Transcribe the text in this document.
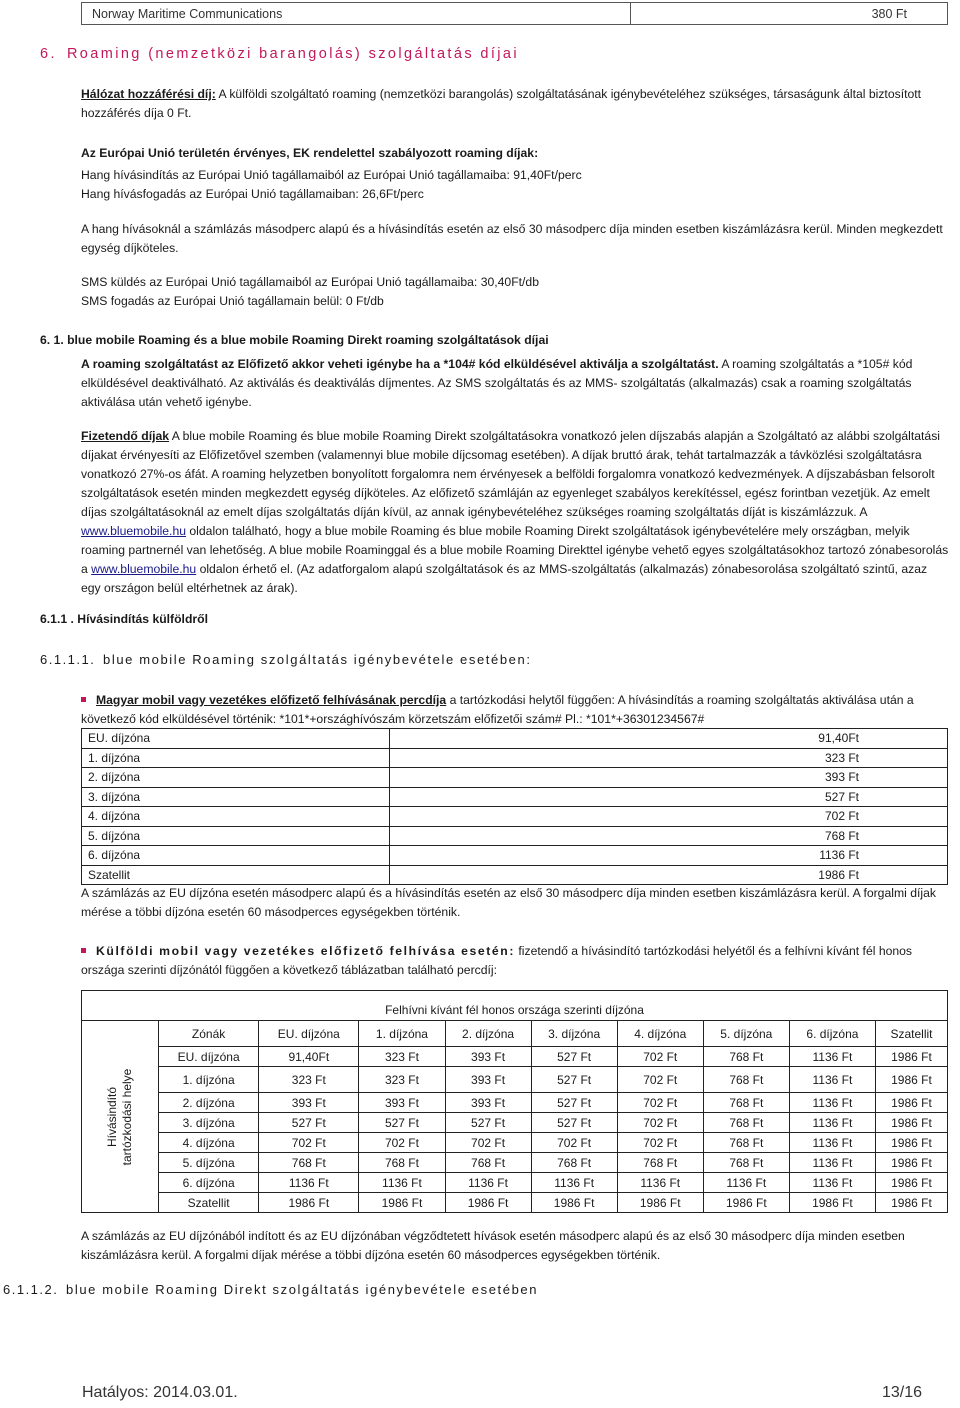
Norway Maritime Communications	380 Ft
6. Roaming (nemzetközi barangolás) szolgáltatás díjai
Hálózat hozzáférési díj: A külföldi szolgáltató roaming (nemzetközi barangolás) szolgáltatásának igénybevételéhez szükséges, társaságunk által biztosított hozzáférés díja 0 Ft.
Az Európai Unió területén érvényes, EK rendelettel szabályozott roaming díjak:
Hang hívásindítás az Európai Unió tagállamaiból az Európai Unió tagállamaiba: 91,40Ft/perc
Hang hívásfogadás az Európai Unió tagállamaiban: 26,6Ft/perc
A hang hívásoknál a számlázás másodperc alapú és a hívásindítás esetén az első 30 másodperc díja minden esetben kiszámlázásra kerül. Minden megkezdett egység díjköteles.
SMS küldés az Európai Unió tagállamaiból az Európai Unió tagállamaiba: 30,40Ft/db
SMS fogadás az Európai Unió tagállamain belül: 0 Ft/db
6. 1. blue mobile Roaming és a blue mobile Roaming Direkt roaming szolgáltatások díjai
A roaming szolgáltatást az Előfizető akkor veheti igénybe ha a *104# kód elküldésével aktiválja a szolgáltatást. A roaming szolgáltatás a *105# kód elküldésével deaktiválható. Az aktiválás és deaktiválás díjmentes. Az SMS szolgáltatás és az MMS- szolgáltatás (alkalmazás) csak a roaming szolgáltatás aktiválása után vehető igénybe.
Fizetendő díjak A blue mobile Roaming és blue mobile Roaming Direkt szolgáltatásokra vonatkozó jelen díjszabás alapján a Szolgáltató az alábbi szolgáltatási díjakat érvényesíti az Előfizetővel szemben (valamennyi blue mobile díjcsomag esetében). A díjak bruttó árak, tehát tartalmazzák a távközlési szolgáltatásra vonatkozó 27%-os áfát. A roaming helyzetben bonyolított forgalomra nem érvényesek a belföldi forgalomra vonatkozó kedvezmények. A díjszabásban felsorolt szolgáltatások esetén minden megkezdett egység díjköteles. Az előfizető számláján az egyenleget szabályos kerekítéssel, egész forintban vezetjük. Az emelt díjas szolgáltatásoknál az emelt díjas szolgáltatás díján kívül, az annak igénybevételéhez szükséges roaming szolgáltatás díját is kiszámlázzuk. A www.bluemobile.hu oldalon található, hogy a blue mobile Roaming és blue mobile Roaming Direkt szolgáltatások igénybevételére mely országban, melyik roaming partnernél van lehetőség. A blue mobile Roaminggal és a blue mobile Roaming Direkttel igénybe vehető egyes szolgáltatásokhoz tartozó zónabesorolás a www.bluemobile.hu oldalon érhető el. (Az adatforgalom alapú szolgáltatások és az MMS-szolgáltatás (alkalmazás) zónabesorolása szolgáltató szintű, azaz egy országon belül eltérhetnek az árak).
6.1.1 . Hívásindítás külföldről
6.1.1.1. blue mobile Roaming szolgáltatás igénybevétele esetében:
Magyar mobil vagy vezetékes előfizető felhívásának percdíja a tartózkodási helytől függően: A hívásindítás a roaming szolgáltatás aktiválása után a következő kód elküldésével történik: *101*+országhívószám körzetszám előfizetői szám# Pl.: *101*+36301234567#
EU. díjzóna	91,40Ft
1. díjzóna	323 Ft
2. díjzóna	393 Ft
3. díjzóna	527 Ft
4. díjzóna	702 Ft
5. díjzóna	768 Ft
6. díjzóna	1136 Ft
Szatellit	1986 Ft
A számlázás az EU díjzóna esetén másodperc alapú és a hívásindítás esetén az első 30 másodperc díja minden esetben kiszámlázásra kerül. A forgalmi díjak mérése a többi díjzóna esetén 60 másodperces egységekben történik.
Külföldi mobil vagy vezetékes előfizető felhívása esetén: fizetendő a hívásindító tartózkodási helyétől és a felhívni kívánt fél honos országa szerinti díjzónától függően a következő táblázatban található percdíj:
Felhívni kívánt fél honos országa szerinti díjzóna									

Hívásindító tartózkodási helye	Zónák	EU. díjzóna	1. díjzóna	2. díjzóna	3. díjzóna	4. díjzóna	5. díjzóna	6. díjzóna	Szatellit
	EU. díjzóna	91,40Ft	323 Ft	393 Ft	527 Ft	702 Ft	768 Ft	1136 Ft	1986 Ft
	1. díjzóna	323 Ft	323 Ft	393 Ft	527 Ft	702 Ft	768 Ft	1136 Ft	1986 Ft
	2. díjzóna	393 Ft	393 Ft	393 Ft	527 Ft	702 Ft	768 Ft	1136 Ft	1986 Ft
	3. díjzóna	527 Ft	527 Ft	527 Ft	527 Ft	702 Ft	768 Ft	1136 Ft	1986 Ft
	4. díjzóna	702 Ft	702 Ft	702 Ft	702 Ft	702 Ft	768 Ft	1136 Ft	1986 Ft
	5. díjzóna	768 Ft	768 Ft	768 Ft	768 Ft	768 Ft	768 Ft	1136 Ft	1986 Ft
	6. díjzóna	1136 Ft	1136 Ft	1136 Ft	1136 Ft	1136 Ft	1136 Ft	1136 Ft	1986 Ft
	Szatellit	1986 Ft	1986 Ft	1986 Ft	1986 Ft	1986 Ft	1986 Ft	1986 Ft	1986 Ft
A számlázás az EU díjzónából indított és az EU díjzónában végződtetett hívások esetén másodperc alapú és az első 30 másodperc díja minden esetben kiszámlázásra kerül. A forgalmi díjak mérése a többi díjzóna esetén 60 másodperces egységekben történik.
6.1.1.2. blue mobile Roaming Direkt szolgáltatás igénybevétele esetében
Hatályos: 2014.03.01.	13/16
